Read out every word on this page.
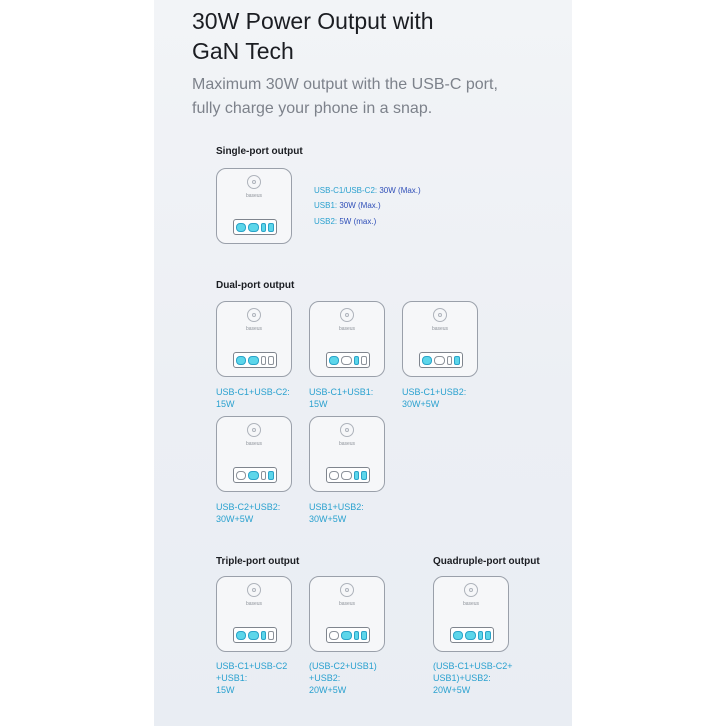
30W Power Output with
GaN Tech
Maximum 30W output with the USB-C port,
fully charge your phone in a snap.
Single-port output
baseus
USB-C1/USB-C2: 30W (Max.)
USB1: 30W (Max.)
USB2: 5W (max.)
Dual-port output
baseus
USB-C1+USB-C2:
15W
baseus
USB-C1+USB1:
15W
baseus
USB-C1+USB2:
30W+5W
baseus
USB-C2+USB2:
30W+5W
baseus
USB1+USB2:
30W+5W
Triple-port output
baseus
USB-C1+USB-C2
+USB1:
15W
baseus
(USB-C2+USB1)
+USB2:
20W+5W
Quadruple-port output
baseus
(USB-C1+USB-C2+
USB1)+USB2:
20W+5W
